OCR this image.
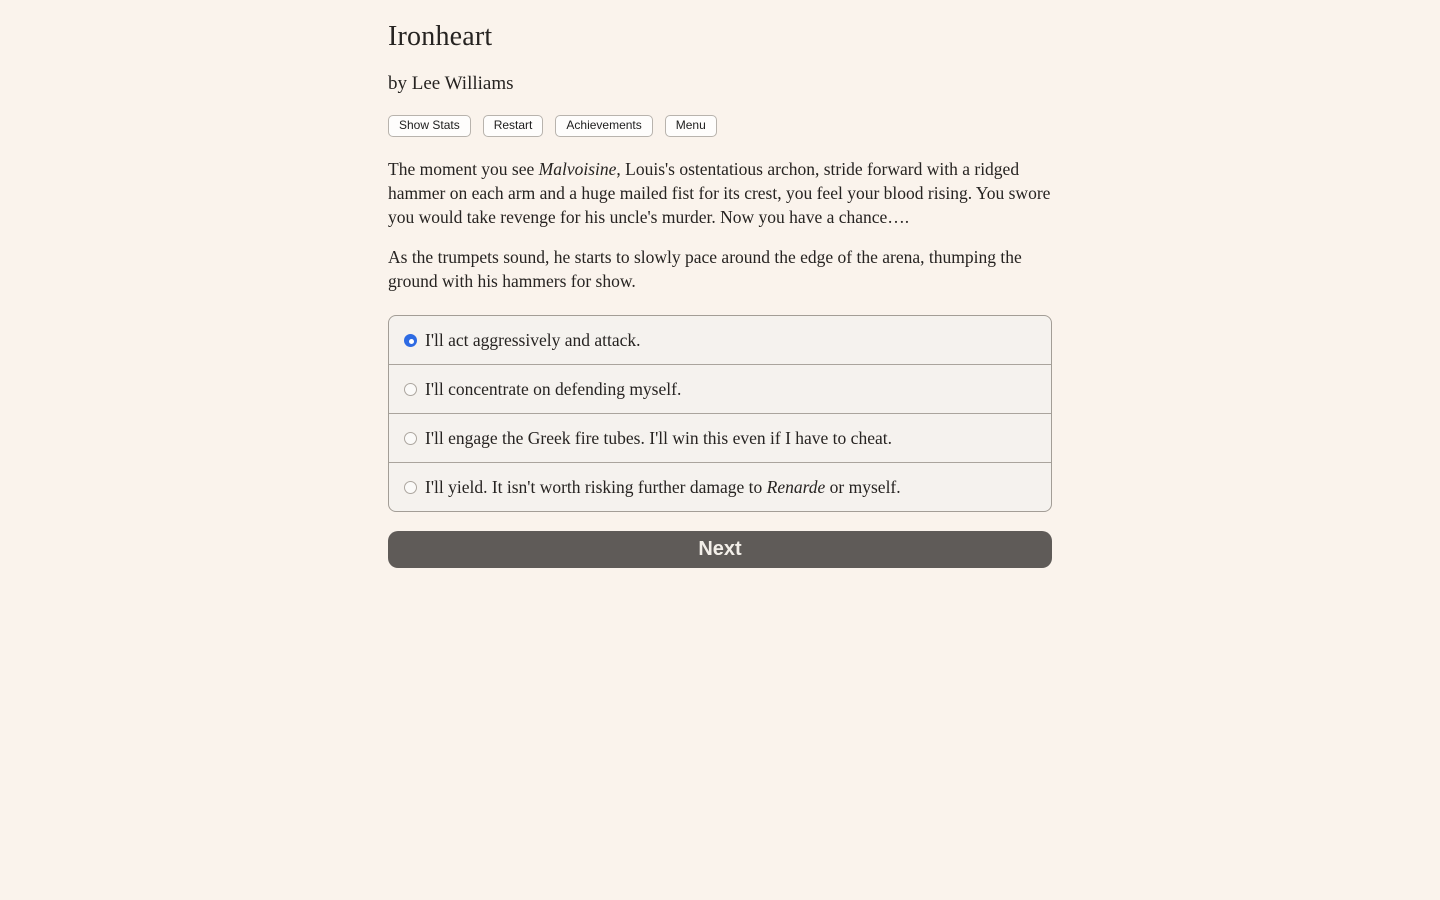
Ironheart

by Lee Williams

Show Stats	Restart	Achievements	Menu

The moment you see Malvoisine, Louis's ostentatious archon, stride forward with a ridged hammer on each arm and a huge mailed fist for its crest, you feel your blood rising. You swore you would take revenge for his uncle's murder. Now you have a chance….

As the trumpets sound, he starts to slowly pace around the edge of the arena, thumping the ground with his hammers for show.

I'll act aggressively and attack.
I'll concentrate on defending myself.
I'll engage the Greek fire tubes. I'll win this even if I have to cheat.
I'll yield. It isn't worth risking further damage to Renarde or myself.
Next
